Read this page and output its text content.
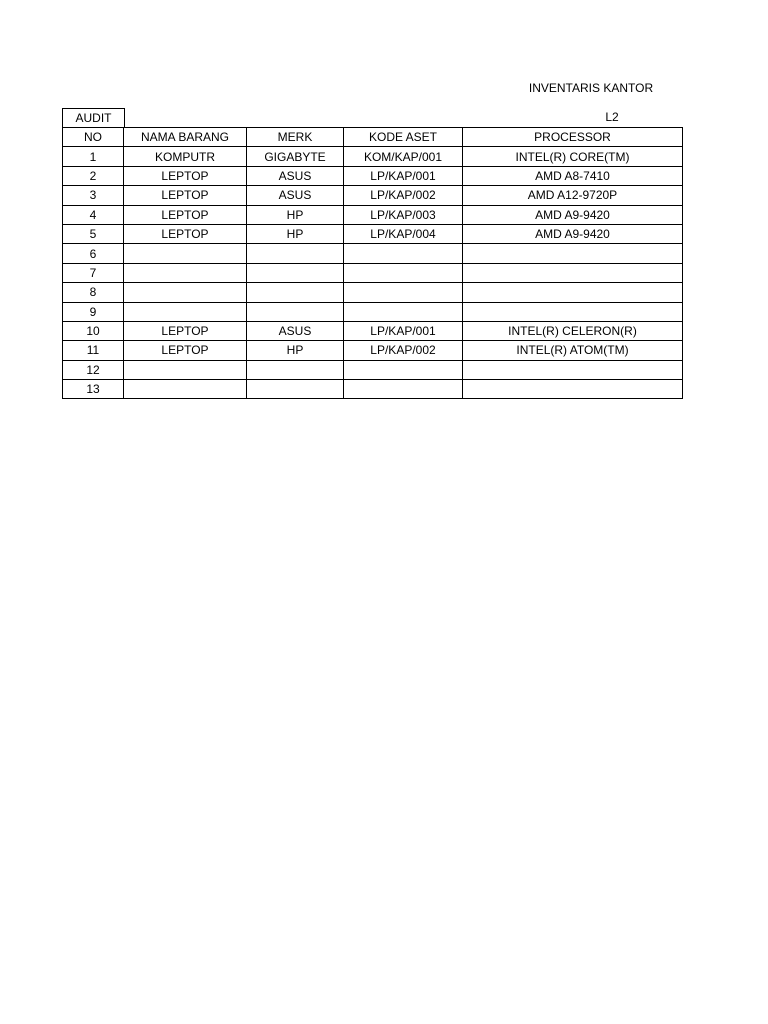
INVENTARIS KANTOR
AUDIT	L2
NO	NAMA BARANG	MERK	KODE ASET	PROCESSOR
1	KOMPUTR	GIGABYTE	KOM/KAP/001	INTEL(R) CORE(TM)
2	LEPTOP	ASUS	LP/KAP/001	AMD A8-7410
3	LEPTOP	ASUS	LP/KAP/002	AMD A12-9720P
4	LEPTOP	HP	LP/KAP/003	AMD A9-9420
5	LEPTOP	HP	LP/KAP/004	AMD A9-9420
6				
7				
8				
9				
10	LEPTOP	ASUS	LP/KAP/001	INTEL(R) CELERON(R)
11	LEPTOP	HP	LP/KAP/002	INTEL(R) ATOM(TM)
12				
13				
